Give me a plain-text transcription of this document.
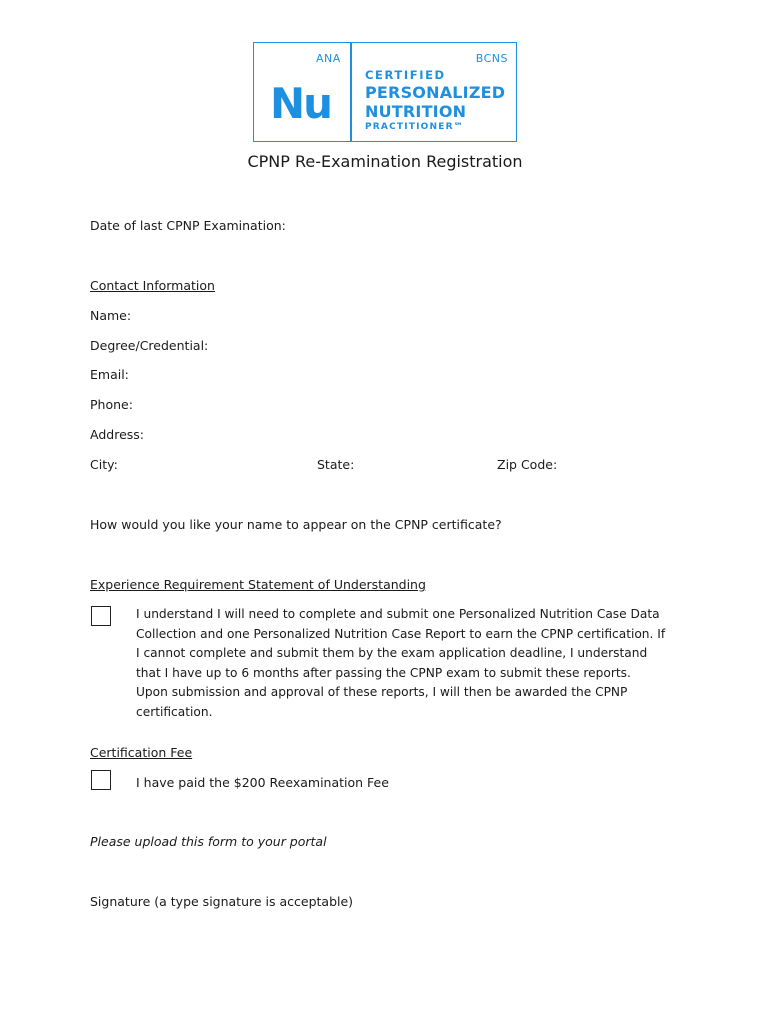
ANA
Nu
BCNS
CERTIFIED
PERSONALIZED
NUTRITION
PRACTITIONER℠
CPNP Re-Examination Registration
Date of last CPNP Examination:
Contact Information
Name:
Degree/Credential:
Email:
Phone:
Address:
City:	State:	Zip Code:
How would you like your name to appear on the CPNP certificate?
Experience Requirement Statement of Understanding
I understand I will need to complete and submit one Personalized Nutrition Case Data Collection and one Personalized Nutrition Case Report to earn the CPNP certification. If I cannot complete and submit them by the exam application deadline, I understand that I have up to 6 months after passing the CPNP exam to submit these reports. Upon submission and approval of these reports, I will then be awarded the CPNP certification.
Certification Fee
I have paid the $200 Reexamination Fee
Please upload this form to your portal
Signature (a type signature is acceptable)
